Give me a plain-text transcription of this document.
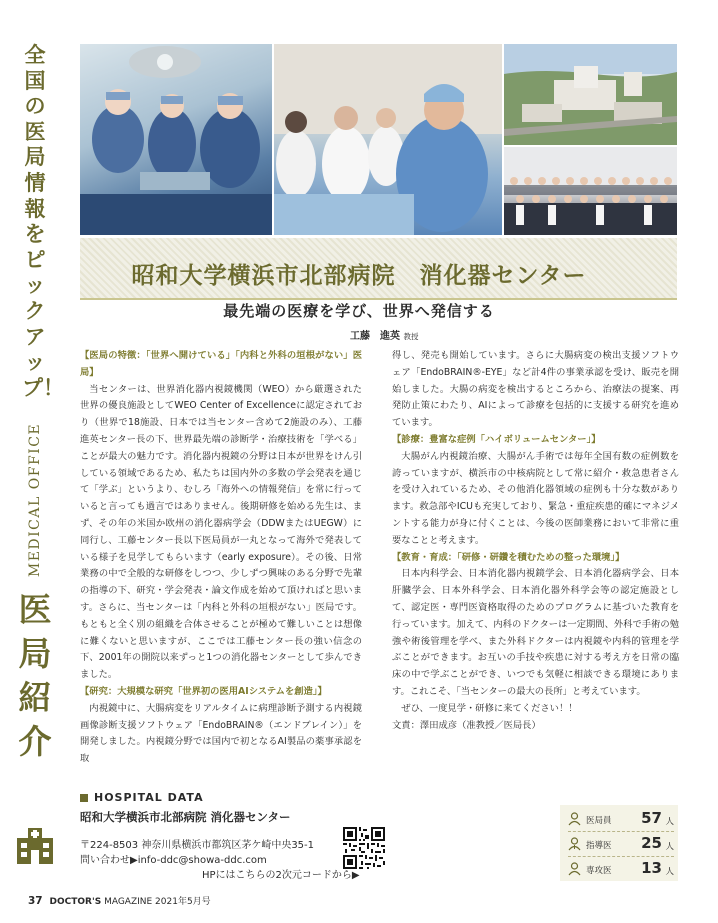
全国の医局情報をピックアップ！
MEDICAL OFFICE
医局紹介
昭和大学横浜市北部病院　消化器センター
最先端の医療を学び、世界へ発信する
工藤　進英 教授
【医局の特徴：「世界へ開けている」「内科と外科の垣根がない」医局】

当センターは、世界消化器内視鏡機関（WEO）から厳選された世界の優良施設としてWEO Center of Excellenceに認定されており（世界で18施設、日本では当センター含めて2施設のみ）、工藤進英センター長の下、世界最先端の診断学・治療技術を「学べる」ことが最大の魅力です。消化器内視鏡の分野は日本が世界をけん引している領域であるため、私たちは国内外の多数の学会発表を通じて「学ぶ」というより、むしろ「海外への情報発信」を常に行っていると言っても過言ではありません。後期研修を始める先生は、まず、その年の米国か欧州の消化器病学会（DDWまたはUEGW）に同行し、工藤センター長以下医局員が一丸となって海外で発表している様子を見学してもらいます（early exposure）。その後、日常業務の中で全般的な研修をしつつ、少しずつ興味のある分野で先輩の指導の下、研究・学会発表・論文作成を始めて頂ければと思います。さらに、当センターは「内科と外科の垣根がない」医局です。もともと全く別の組織を合体させることが極めて難しいことは想像に難くないと思いますが、ここでは工藤センター長の強い信念の下、2001年の開院以来ずっと1つの消化器センターとして歩んできました。

【研究：大規模な研究「世界初の医用AIシステムを創造」】

内視鏡中に、大腸病変をリアルタイムに病理診断予測する内視鏡画像診断支援ソフトウェア「EndoBRAIN®（エンドブレイン）」を開発しました。内視鏡分野では国内で初となるAI製品の薬事承認を取

得し、発売も開始しています。さらに大腸病変の検出支援ソフトウェア「EndoBRAIN®-EYE」など計4件の事業承認を受け、販売を開始しました。大腸の病変を検出するところから、治療法の提案、再発防止策にわたり、AIによって診療を包括的に支援する研究を進めています。
【診療：豊富な症例「ハイボリュームセンター」】

大腸がん内視鏡治療、大腸がん手術では毎年全国有数の症例数を誇っていますが、横浜市の中核病院として常に紹介・救急患者さんを受け入れているため、その他消化器領域の症例も十分な数があります。救急部やICUも充実しており、緊急・重症疾患的確にマネジメントする能力が身に付くことは、今後の医師業務において非常に重要なことと考えます。

【教育・育成：「研修・研鑽を積むための整った環境」】

日本内科学会、日本消化器内視鏡学会、日本消化器病学会、日本肝臓学会、日本外科学会、日本消化器外科学会等の認定施設として、認定医・専門医資格取得のためのプログラムに基づいた教育を行っています。加えて、内科のドクターは一定期間、外科で手術の勉強や術後管理を学べ、また外科ドクターは内視鏡や内科的管理を学ぶことができます。お互いの手技や疾患に対する考え方を日常の臨床の中で学ぶことができ、いつでも気軽に相談できる環境にあります。これこそ、「当センターの最大の長所」と考えています。

ぜひ、一度見学・研修に来てください！！

文責：澤田成彦（准教授／医局長）
HOSPITAL DATA
昭和大学横浜市北部病院 消化器センター
〒224-8503 神奈川県横浜市都筑区茅ケ崎中央35-1
問い合わせ▶info-ddc@showa-ddc.com
HPにはこちらの2次元コードから▶
医局員 57 人
指導医 25 人
専攻医 13 人
37 DOCTOR'S MAGAZINE 2021年5月号
